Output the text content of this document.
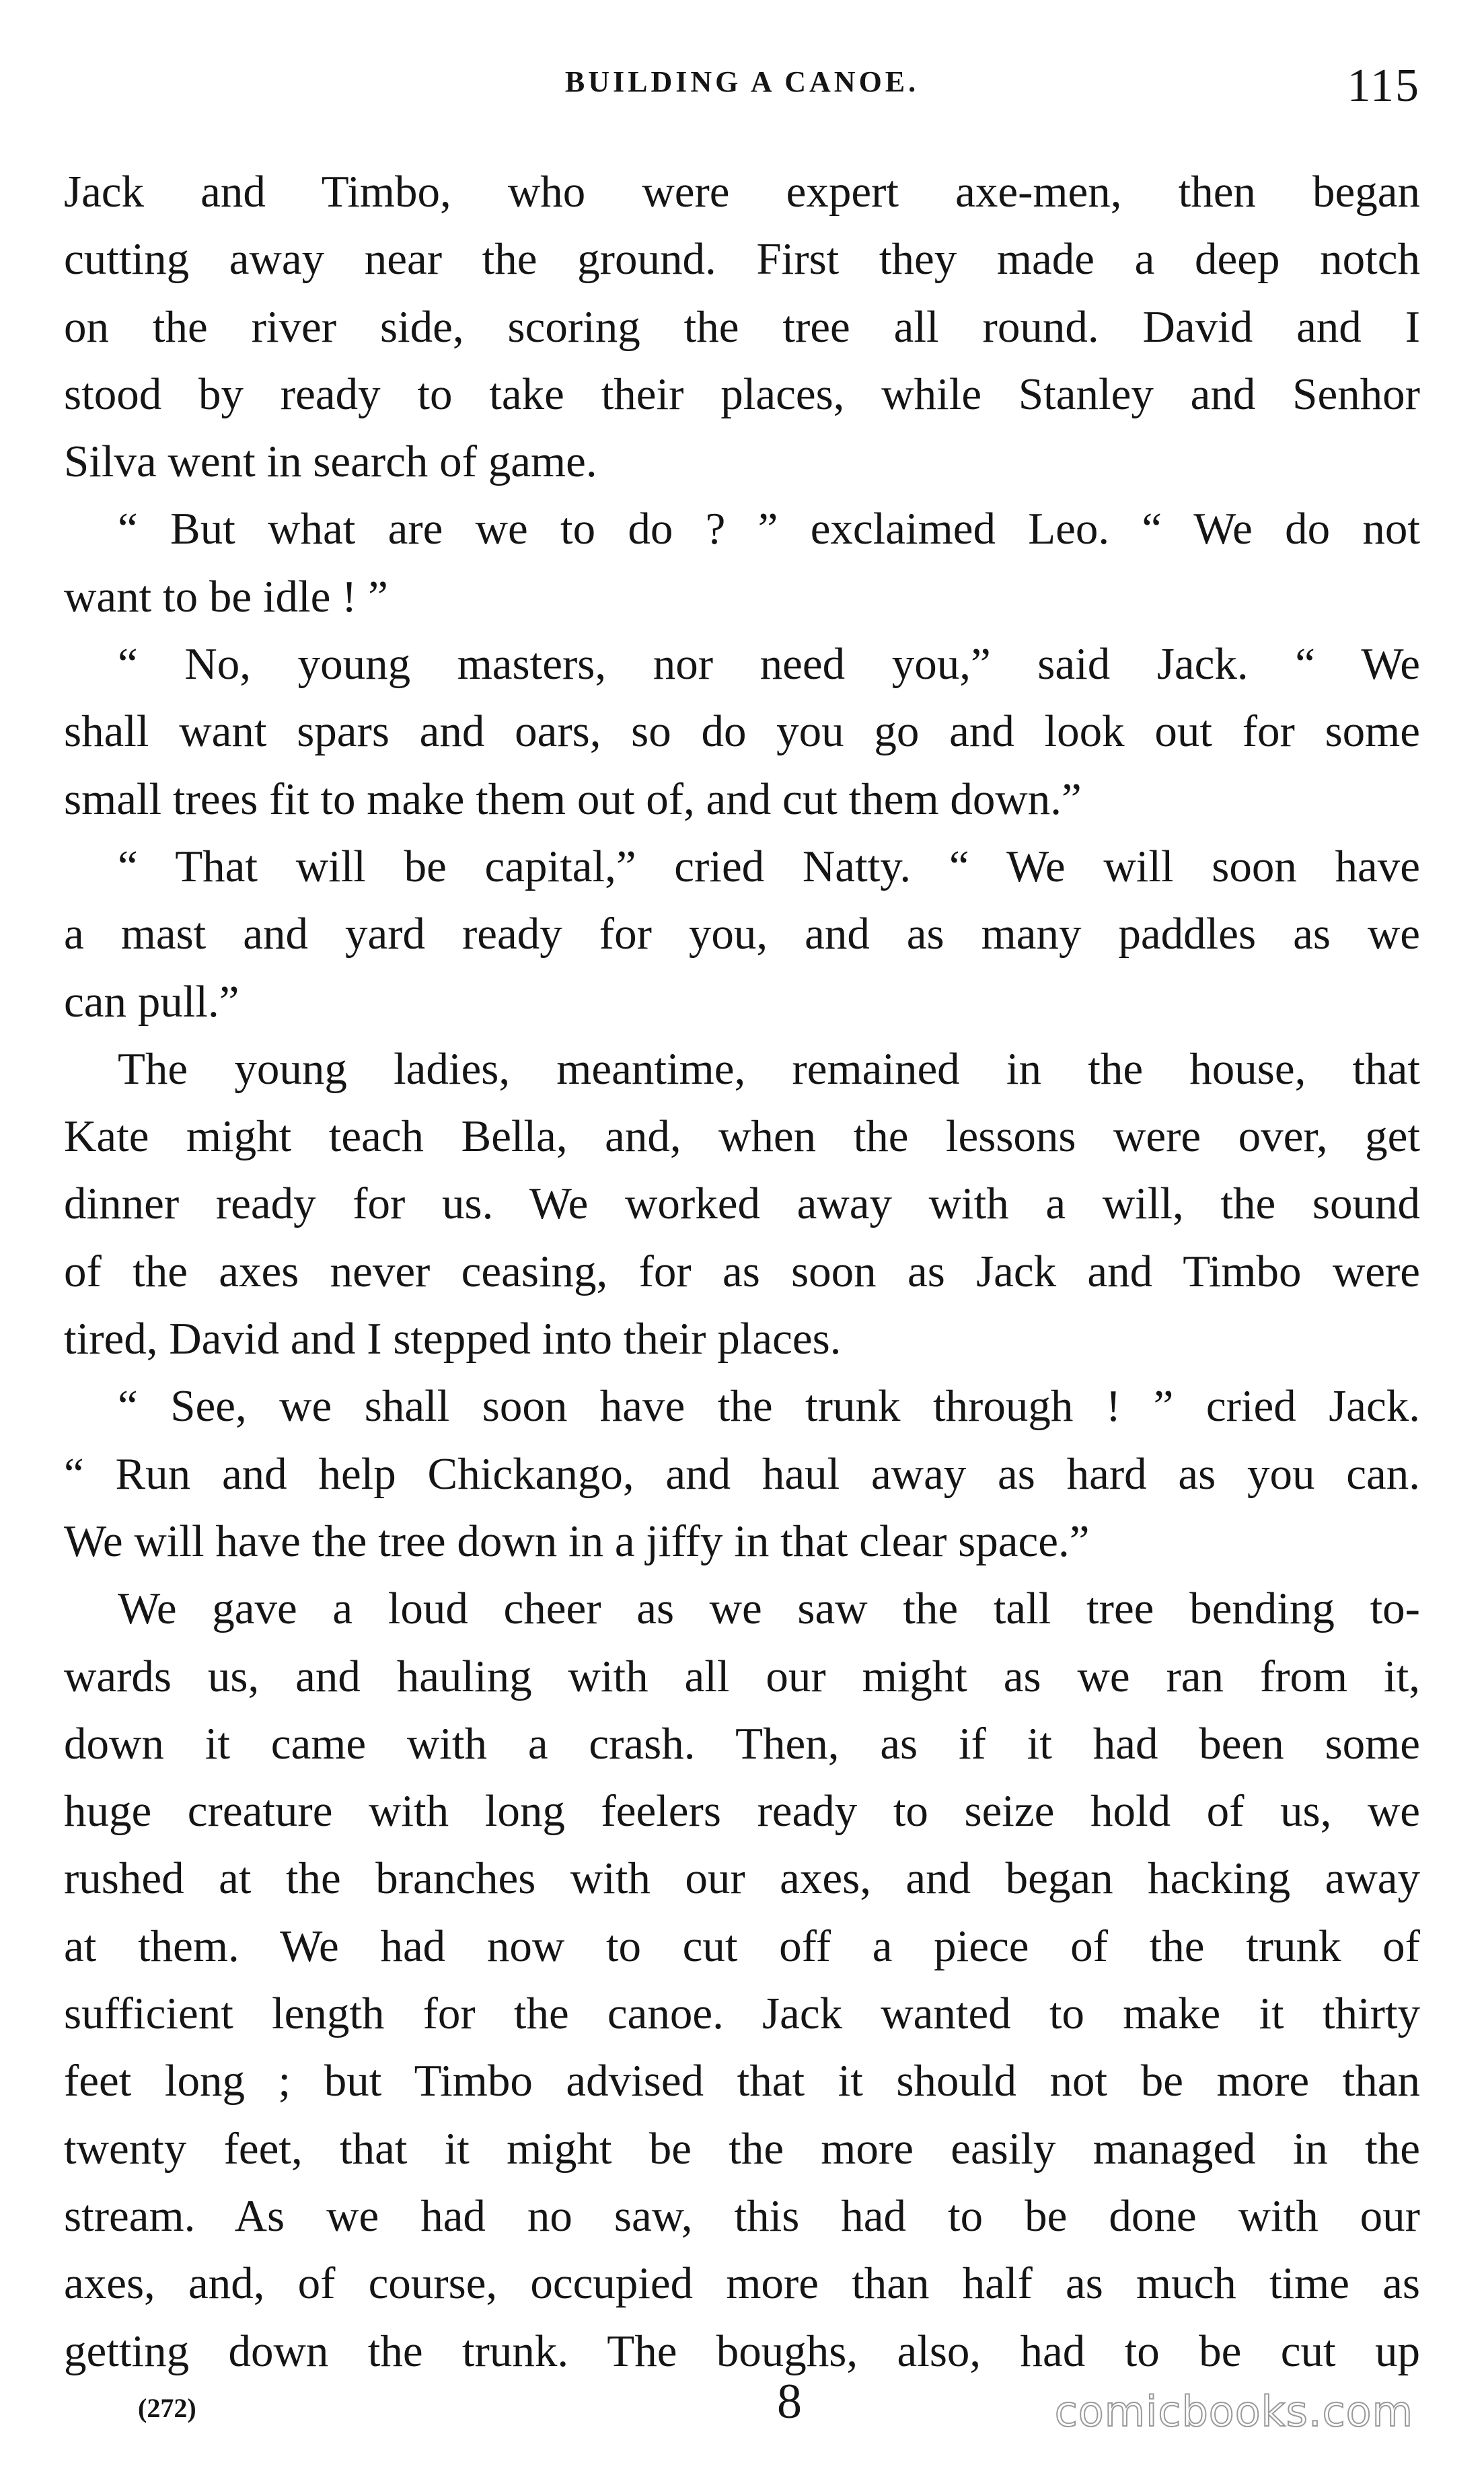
BUILDING A CANOE.	115
Jack and Timbo, who were expert axe-men, then began
cutting away near the ground. First they made a deep notch
on the river side, scoring the tree all round. David and I
stood by ready to take their places, while Stanley and Senhor
Silva went in search of game.
“ But what are we to do ? ” exclaimed Leo. “ We do not
want to be idle ! ”
“ No, young masters, nor need you,” said Jack. “ We
shall want spars and oars, so do you go and look out for some
small trees fit to make them out of, and cut them down.”
“ That will be capital,” cried Natty. “ We will soon have
a mast and yard ready for you, and as many paddles as we
can pull.”
The young ladies, meantime, remained in the house, that
Kate might teach Bella, and, when the lessons were over, get
dinner ready for us. We worked away with a will, the sound
of the axes never ceasing, for as soon as Jack and Timbo were
tired, David and I stepped into their places.
“ See, we shall soon have the trunk through ! ” cried Jack.
“ Run and help Chickango, and haul away as hard as you can.
We will have the tree down in a jiffy in that clear space.”
We gave a loud cheer as we saw the tall tree bending to-
wards us, and hauling with all our might as we ran from it,
down it came with a crash. Then, as if it had been some
huge creature with long feelers ready to seize hold of us, we
rushed at the branches with our axes, and began hacking away
at them. We had now to cut off a piece of the trunk of
sufficient length for the canoe. Jack wanted to make it thirty
feet long ; but Timbo advised that it should not be more than
twenty feet, that it might be the more easily managed in the
stream. As we had no saw, this had to be done with our
axes, and, of course, occupied more than half as much time as
getting down the trunk. The boughs, also, had to be cut up
(272)	8	comicbooks.com
